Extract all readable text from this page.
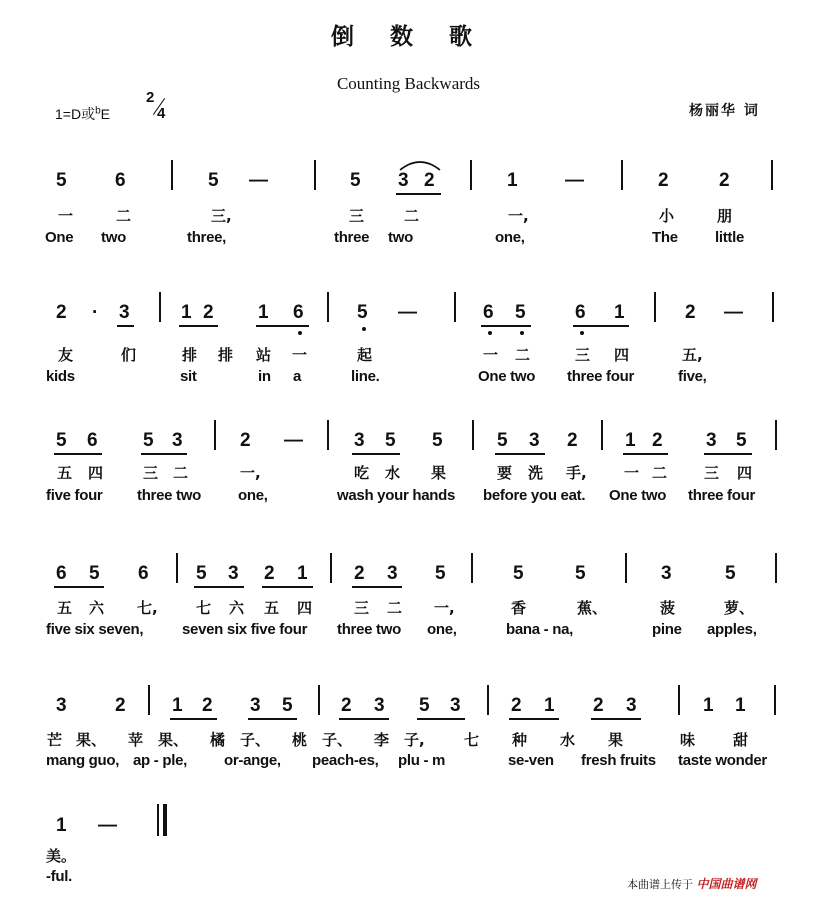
倒 数 歌
Counting Backwards
1=D或$^b$E
2
4	杨丽华 词
5	6	5 —	5 3 2	1 —	2	2
一	二	三,	三	二	一,	小	朋
One two	three,	three two	one,	The little
2 · 3	1 2 1 6	5 —	6 5	6 1	2 —
友	们	排 排 站 一	起	一 二	三 四	五,
kids	sit	in a	line.	One two three four	five,
5 6 5 3	2 —	3 5 5	5 3 2 1 2 3 5
五 四	三 二	一,	吃 水 果	要 洗 手, 一 二 三 四
five four three two one,	wash your hands before you eat. One two three four
6 5 6 5 3 2 1 2 3 5	5	5	3	5
五 六 七,	七 六 五 四	三 二 一,	香	蕉、	菠	萝、
five six seven,	seven six five four three two one,	bana - na,	pine apples,
3	2 1 2 3 5	2 3 5 3	2 1 2 3	1 1
芒 果、 苹 果、 橘 子、 桃 子、 李 子,	七 种 水 果	味	甜
mang guo, ap - ple, or-ange, peach-es, plu - m	se-ven fresh fruits taste wonder
1 —
美。
-ful.	本曲谱上传于 中国曲谱网
